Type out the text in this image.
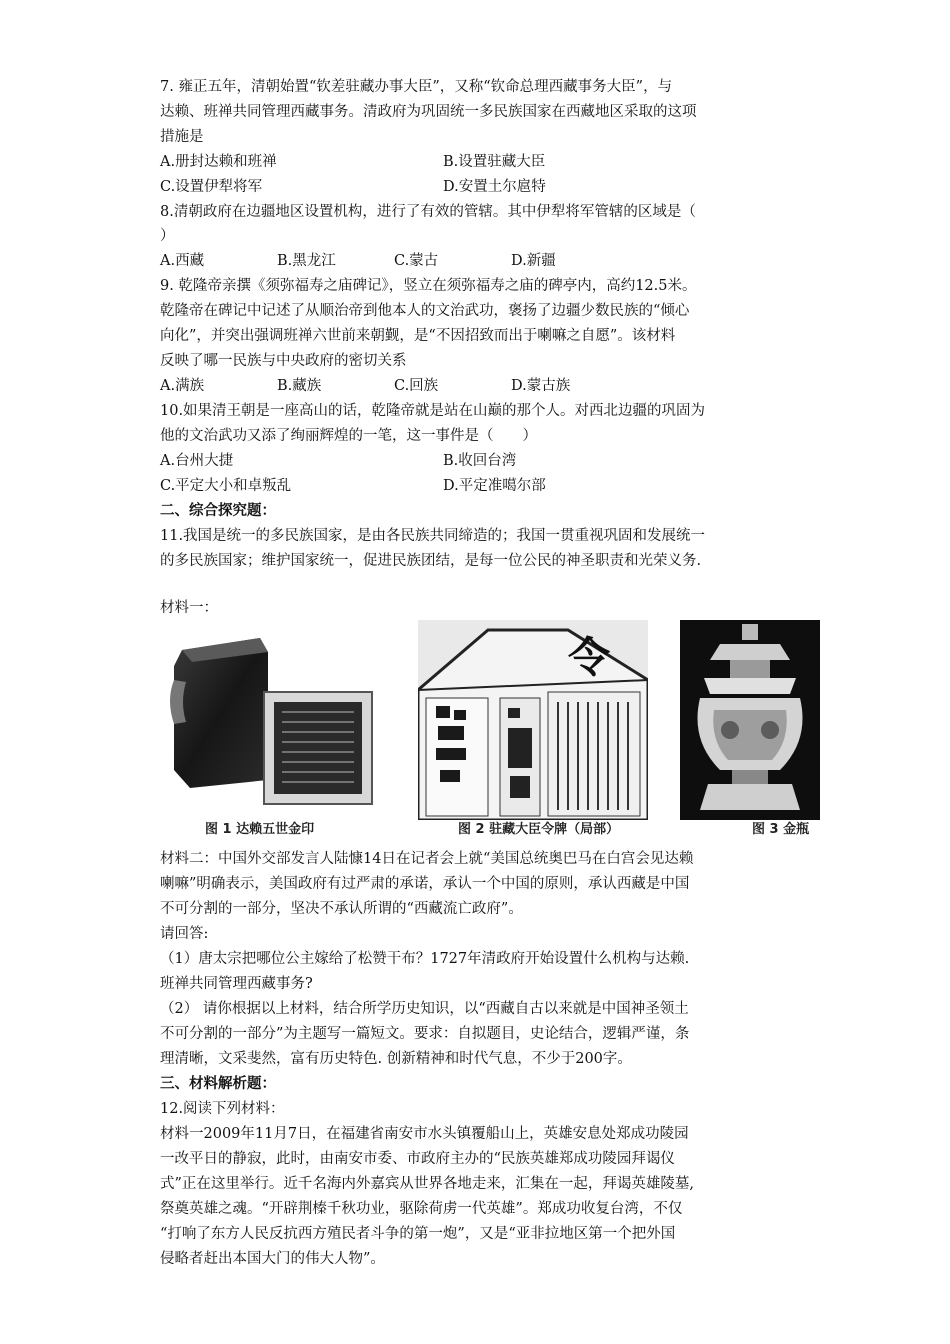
7. 雍正五年，清朝始置“钦差驻藏办事大臣”，又称“钦命总理西藏事务大臣”，与
达赖、班禅共同管理西藏事务。清政府为巩固统一多民族国家在西藏地区采取的这项
措施是
A.册封达赖和班禅	B.设置驻藏大臣
C.设置伊犁将军	D.安置土尔扈特
8.清朝政府在边疆地区设置机构，进行了有效的管辖。其中伊犁将军管辖的区域是（
）
A.西藏	B.黑龙江	C.蒙古	D.新疆
9. 乾隆帝亲撰《须弥福寿之庙碑记》，竖立在须弥福寿之庙的碑亭内，高约12.5米。
乾隆帝在碑记中记述了从顺治帝到他本人的文治武功，褒扬了边疆少数民族的“倾心
向化”，并突出强调班禅六世前来朝觐，是“不因招致而出于喇嘛之自愿”。该材料
反映了哪一民族与中央政府的密切关系
A.满族	B.藏族	C.回族	D.蒙古族
10.如果清王朝是一座高山的话，乾隆帝就是站在山巅的那个人。对西北边疆的巩固为
他的文治武功又添了绚丽辉煌的一笔，这一事件是（　　）
A.台州大捷	B.收回台湾
C.平定大小和卓叛乱	D.平定准噶尔部
二、综合探究题：
11.我国是统一的多民族国家，是由各民族共同缔造的；我国一贯重视巩固和发展统一
的多民族国家；维护国家统一，促进民族团结，是每一位公民的神圣职责和光荣义务.
材料一：
图 1 达赖五世金印
令
图 2 驻藏大臣令牌（局部）	图 3 金瓶
材料二：中国外交部发言人陆慷14日在记者会上就“美国总统奥巴马在白宫会见达赖
喇嘛”明确表示，美国政府有过严肃的承诺，承认一个中国的原则，承认西藏是中国
不可分割的一部分，坚决不承认所谓的“西藏流亡政府”。
请回答:
（1）唐太宗把哪位公主嫁给了松赞干布？1727年清政府开始设置什么机构与达赖.
班禅共同管理西藏事务?
（2） 请你根据以上材料，结合所学历史知识，以“西藏自古以来就是中国神圣领土
不可分割的一部分”为主题写一篇短文。要求：自拟题目，史论结合，逻辑严谨，条
理清晰，文采斐然，富有历史特色. 创新精神和时代气息，不少于200字。
三、材料解析题：
12.阅读下列材料：
材料一2009年11月7日，在福建省南安市水头镇覆船山上，英雄安息处郑成功陵园
一改平日的静寂，此时，由南安市委、市政府主办的“民族英雄郑成功陵园拜谒仪
式”正在这里举行。近千名海内外嘉宾从世界各地走来，汇集在一起，拜谒英雄陵墓,
祭奠英雄之魂。“开辟荆榛千秋功业，驱除荷虏一代英雄”。郑成功收复台湾，不仅
“打响了东方人民反抗西方殖民者斗争的第一炮”，又是“亚非拉地区第一个把外国
侵略者赶出本国大门的伟大人物”。
